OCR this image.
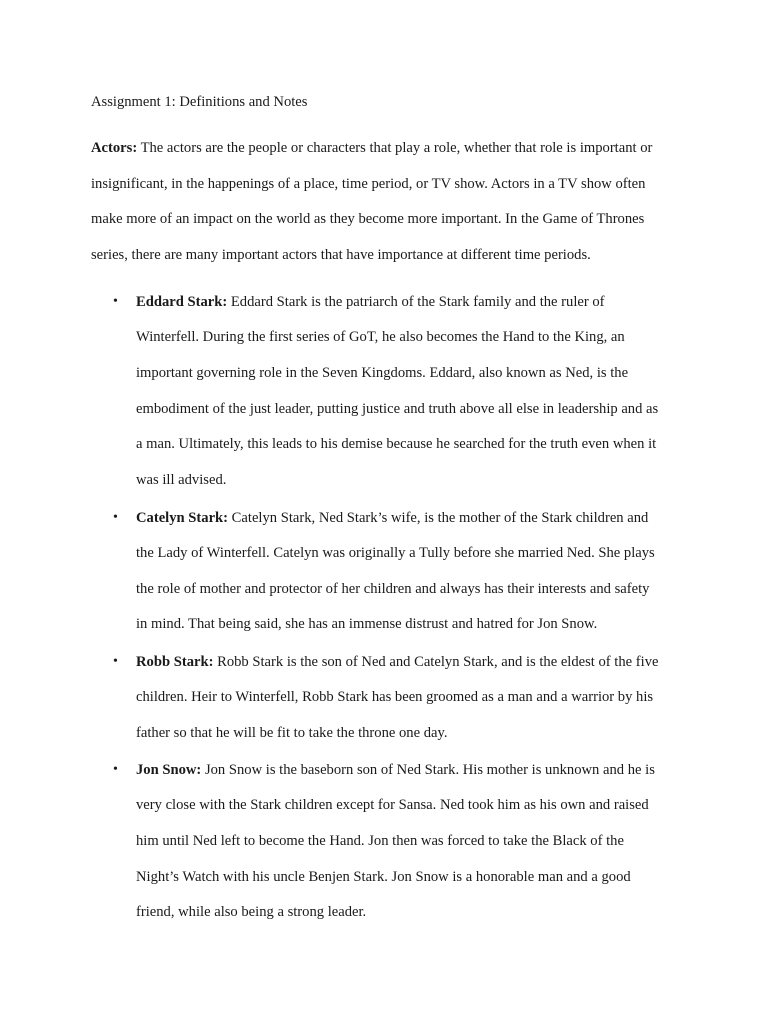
Assignment 1: Definitions and Notes
Actors: The actors are the people or characters that play a role, whether that role is important or
insignificant, in the happenings of a place, time period, or TV show. Actors in a TV show often
make more of an impact on the world as they become more important. In the Game of Thrones
series, there are many important actors that have importance at different time periods.
• Eddard Stark: Eddard Stark is the patriarch of the Stark family and the ruler of
Winterfell. During the first series of GoT, he also becomes the Hand to the King, an
important governing role in the Seven Kingdoms. Eddard, also known as Ned, is the
embodiment of the just leader, putting justice and truth above all else in leadership and as
a man. Ultimately, this leads to his demise because he searched for the truth even when it
was ill advised.
• Catelyn Stark: Catelyn Stark, Ned Stark’s wife, is the mother of the Stark children and
the Lady of Winterfell. Catelyn was originally a Tully before she married Ned. She plays
the role of mother and protector of her children and always has their interests and safety
in mind. That being said, she has an immense distrust and hatred for Jon Snow.
• Robb Stark: Robb Stark is the son of Ned and Catelyn Stark, and is the eldest of the five
children. Heir to Winterfell, Robb Stark has been groomed as a man and a warrior by his
father so that he will be fit to take the throne one day.
• Jon Snow: Jon Snow is the baseborn son of Ned Stark. His mother is unknown and he is
very close with the Stark children except for Sansa. Ned took him as his own and raised
him until Ned left to become the Hand. Jon then was forced to take the Black of the
Night’s Watch with his uncle Benjen Stark. Jon Snow is a honorable man and a good
friend, while also being a strong leader.
